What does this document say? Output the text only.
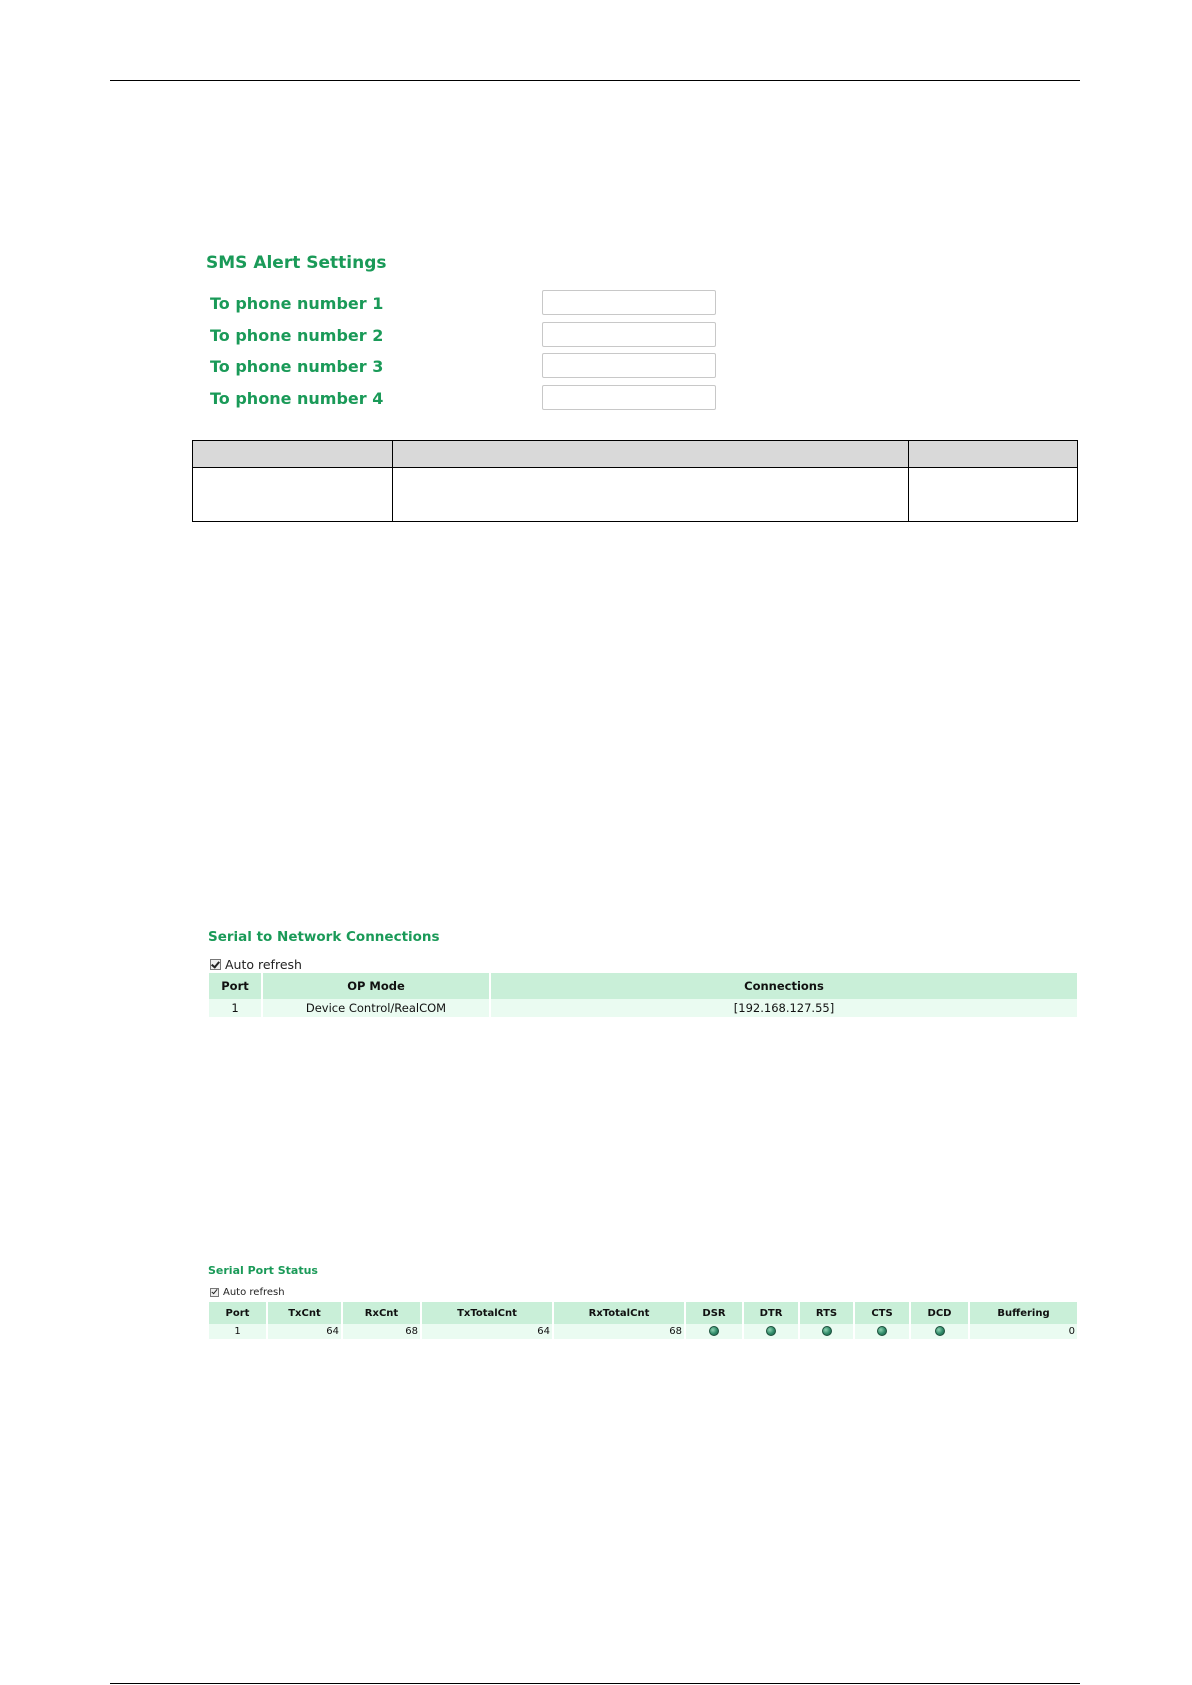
SMS Alert Settings
To phone number 1
To phone number 2
To phone number 3
To phone number 4

Serial to Network Connections
Auto refresh
Port	OP Mode	Connections
1	Device Control/RealCOM	[192.168.127.55]
Serial Port Status
Auto refresh
Port	TxCnt	RxCnt	TxTotalCnt	RxTotalCnt	DSR	DTR	RTS	CTS	DCD	Buffering
1	64	68	64	68						0
